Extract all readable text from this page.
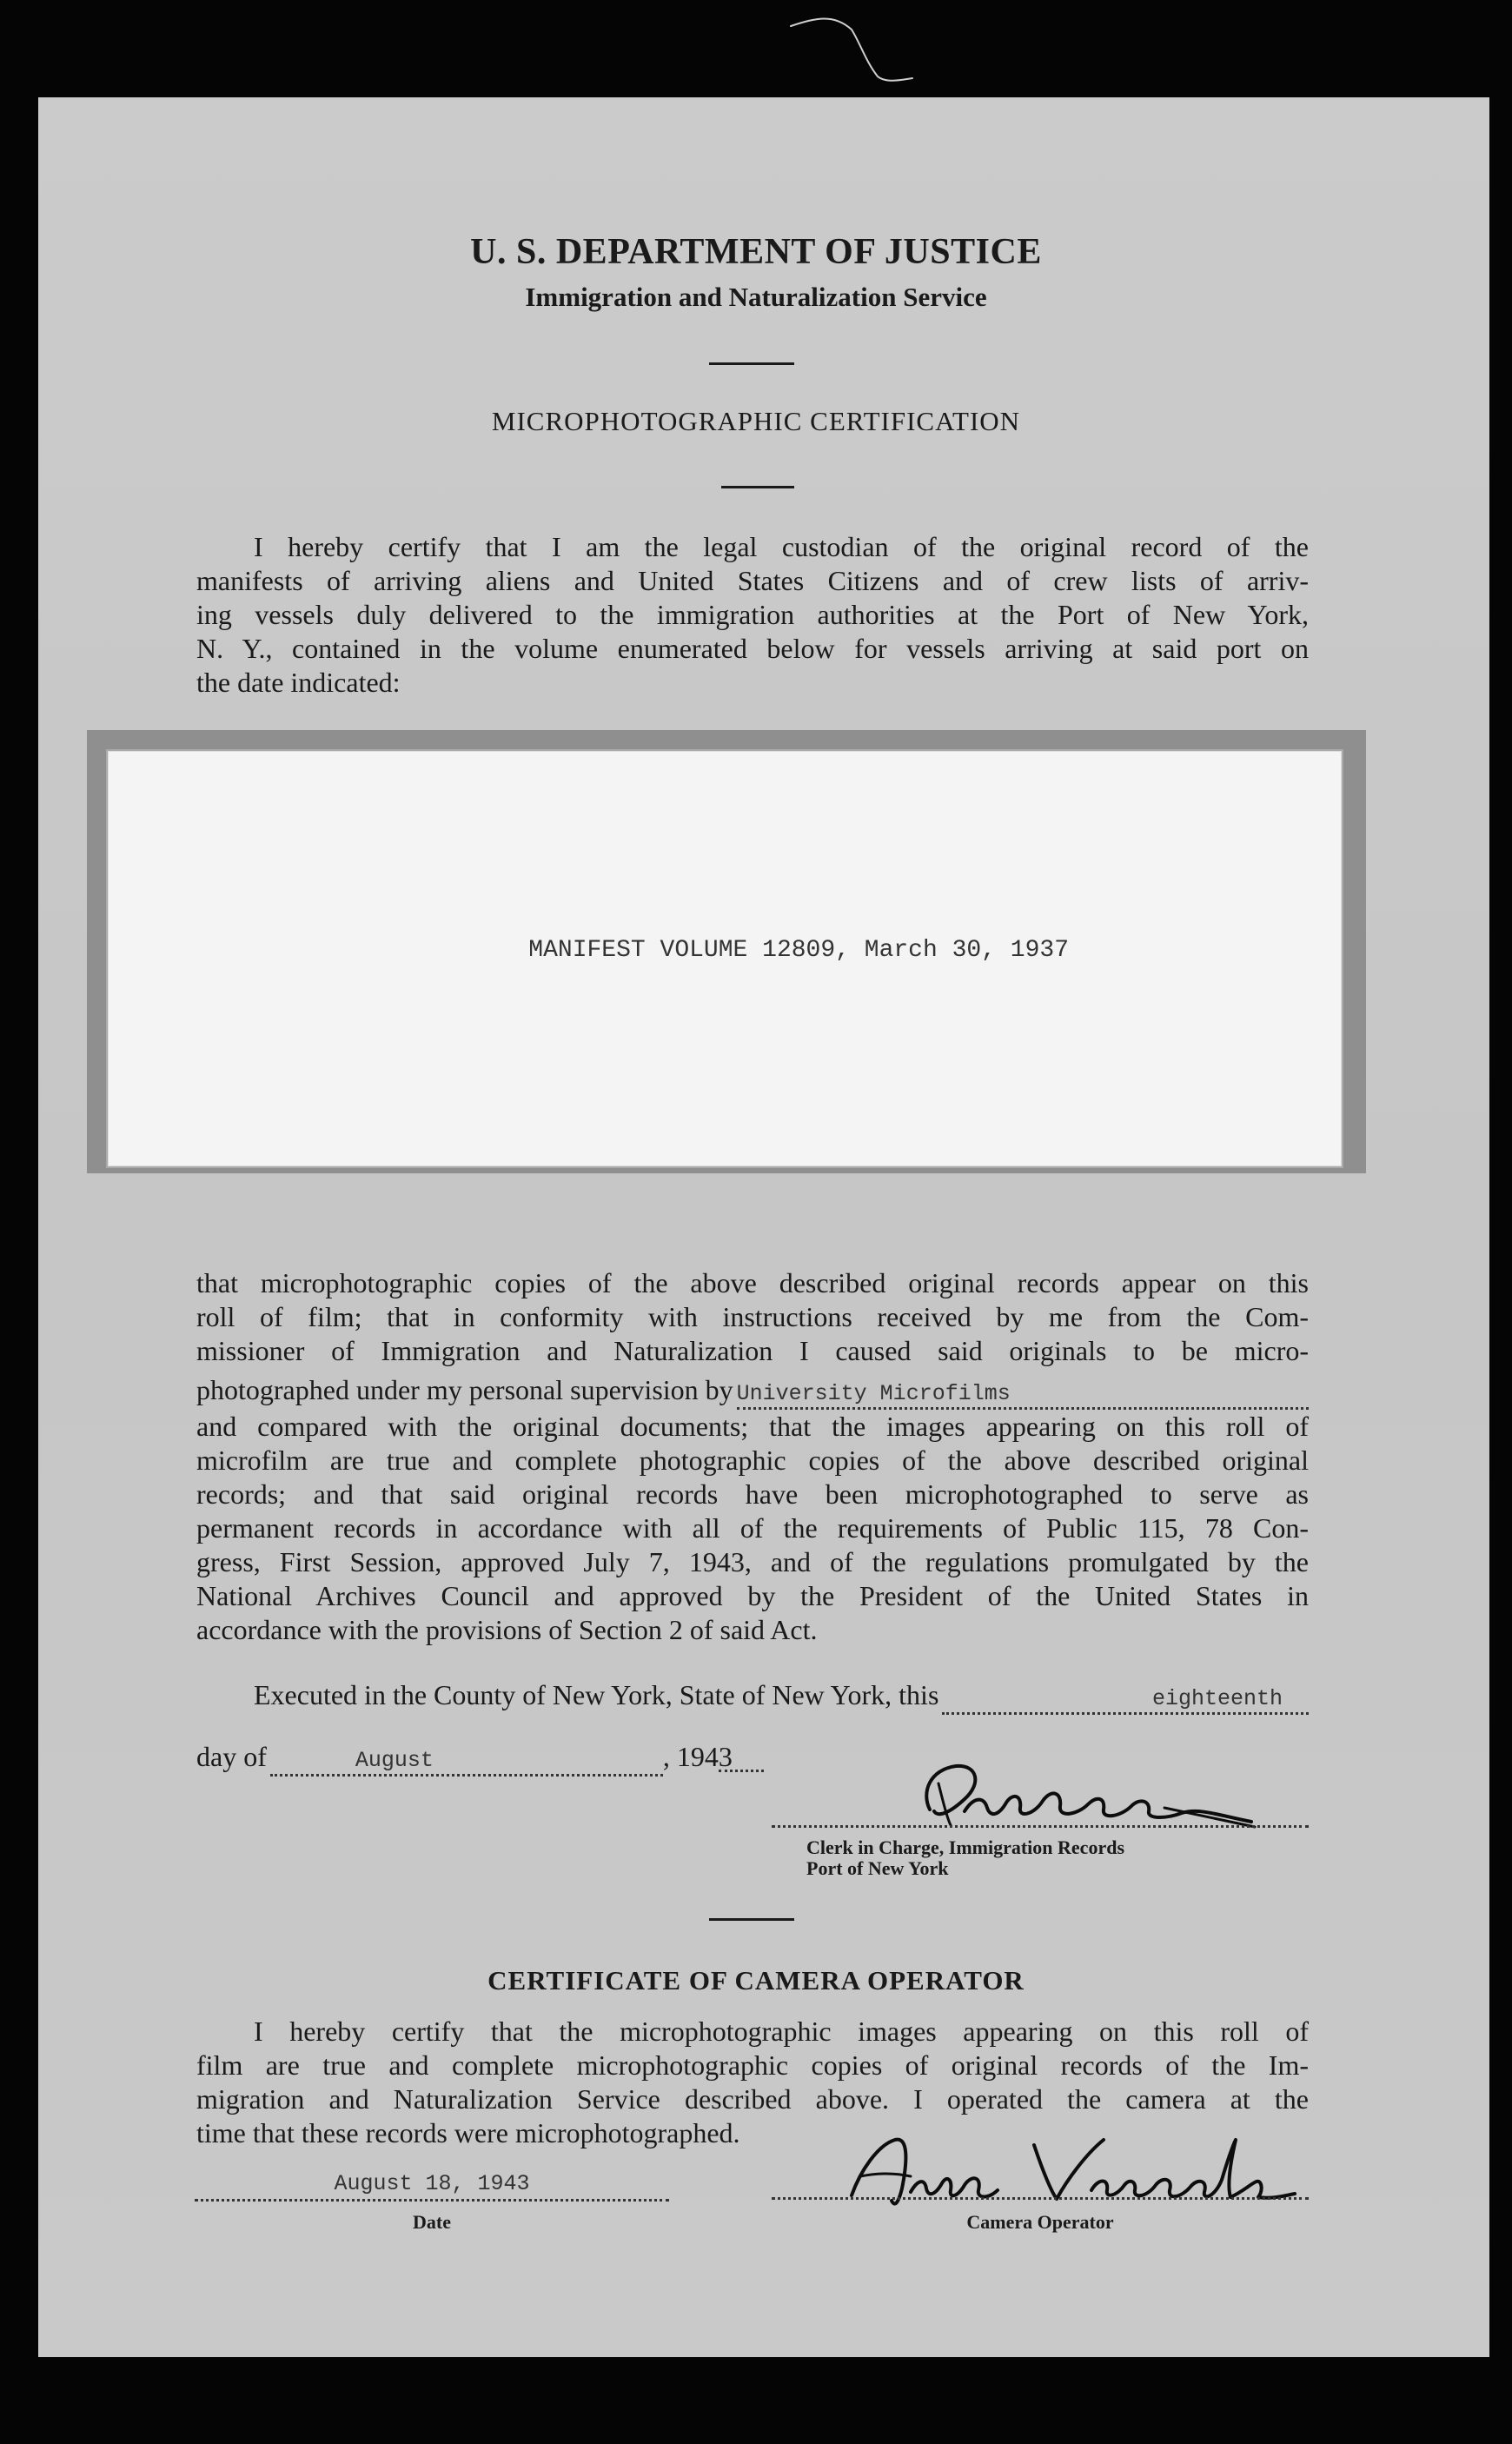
U. S. DEPARTMENT OF JUSTICE
Immigration and Naturalization Service
MICROPHOTOGRAPHIC CERTIFICATION
I hereby certify that I am the legal custodian of the original record of the
manifests of arriving aliens and United States Citizens and of crew lists of arriv-
ing vessels duly delivered to the immigration authorities at the Port of New York,
N. Y., contained in the volume enumerated below for vessels arriving at said port on
the date indicated:
MANIFEST VOLUME 12809, March 30, 1937
that microphotographic copies of the above described original records appear on this
roll of film; that in conformity with instructions received by me from the Com-
missioner of Immigration and Naturalization I caused said originals to be micro-
photographed under my personal supervision by University Microfilms
and compared with the original documents; that the images appearing on this roll of
microfilm are true and complete photographic copies of the above described original
records; and that said original records have been microphotographed to serve as
permanent records in accordance with all of the requirements of Public 115, 78 Con-
gress, First Session, approved July 7, 1943, and of the regulations promulgated by the
National Archives Council and approved by the President of the United States in
accordance with the provisions of Section 2 of said Act.
Executed in the County of New York, State of New York, this	eighteenth
day of	August	, 194 3
Clerk in Charge, Immigration Records
Port of New York
CERTIFICATE OF CAMERA OPERATOR
I hereby certify that the microphotographic images appearing on this roll of
film are true and complete microphotographic copies of original records of the Im-
migration and Naturalization Service described above. I operated the camera at the
time that these records were microphotographed.
August 18, 1943
Date	Camera Operator
